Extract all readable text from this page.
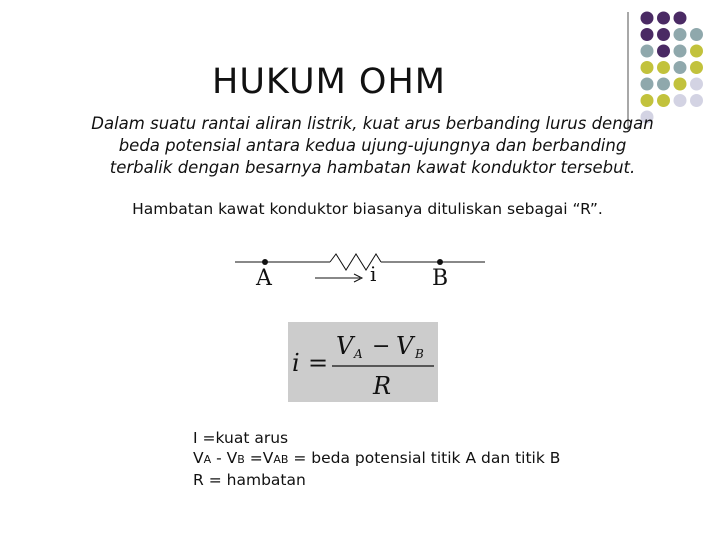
HUKUM OHM
Dalam suatu rantai aliran listrik, kuat arus berbanding lurus dengan
beda potensial antara kedua ujung-ujungnya dan berbanding
terbalik dengan besarnya hambatan kawat konduktor tersebut.
Hambatan kawat konduktor biasanya dituliskan sebagai “R”.
A	i	B
i =
V A − V B
R
I =kuat arus
VA - VB =VAB = beda potensial titik A dan titik B
R = hambatan
